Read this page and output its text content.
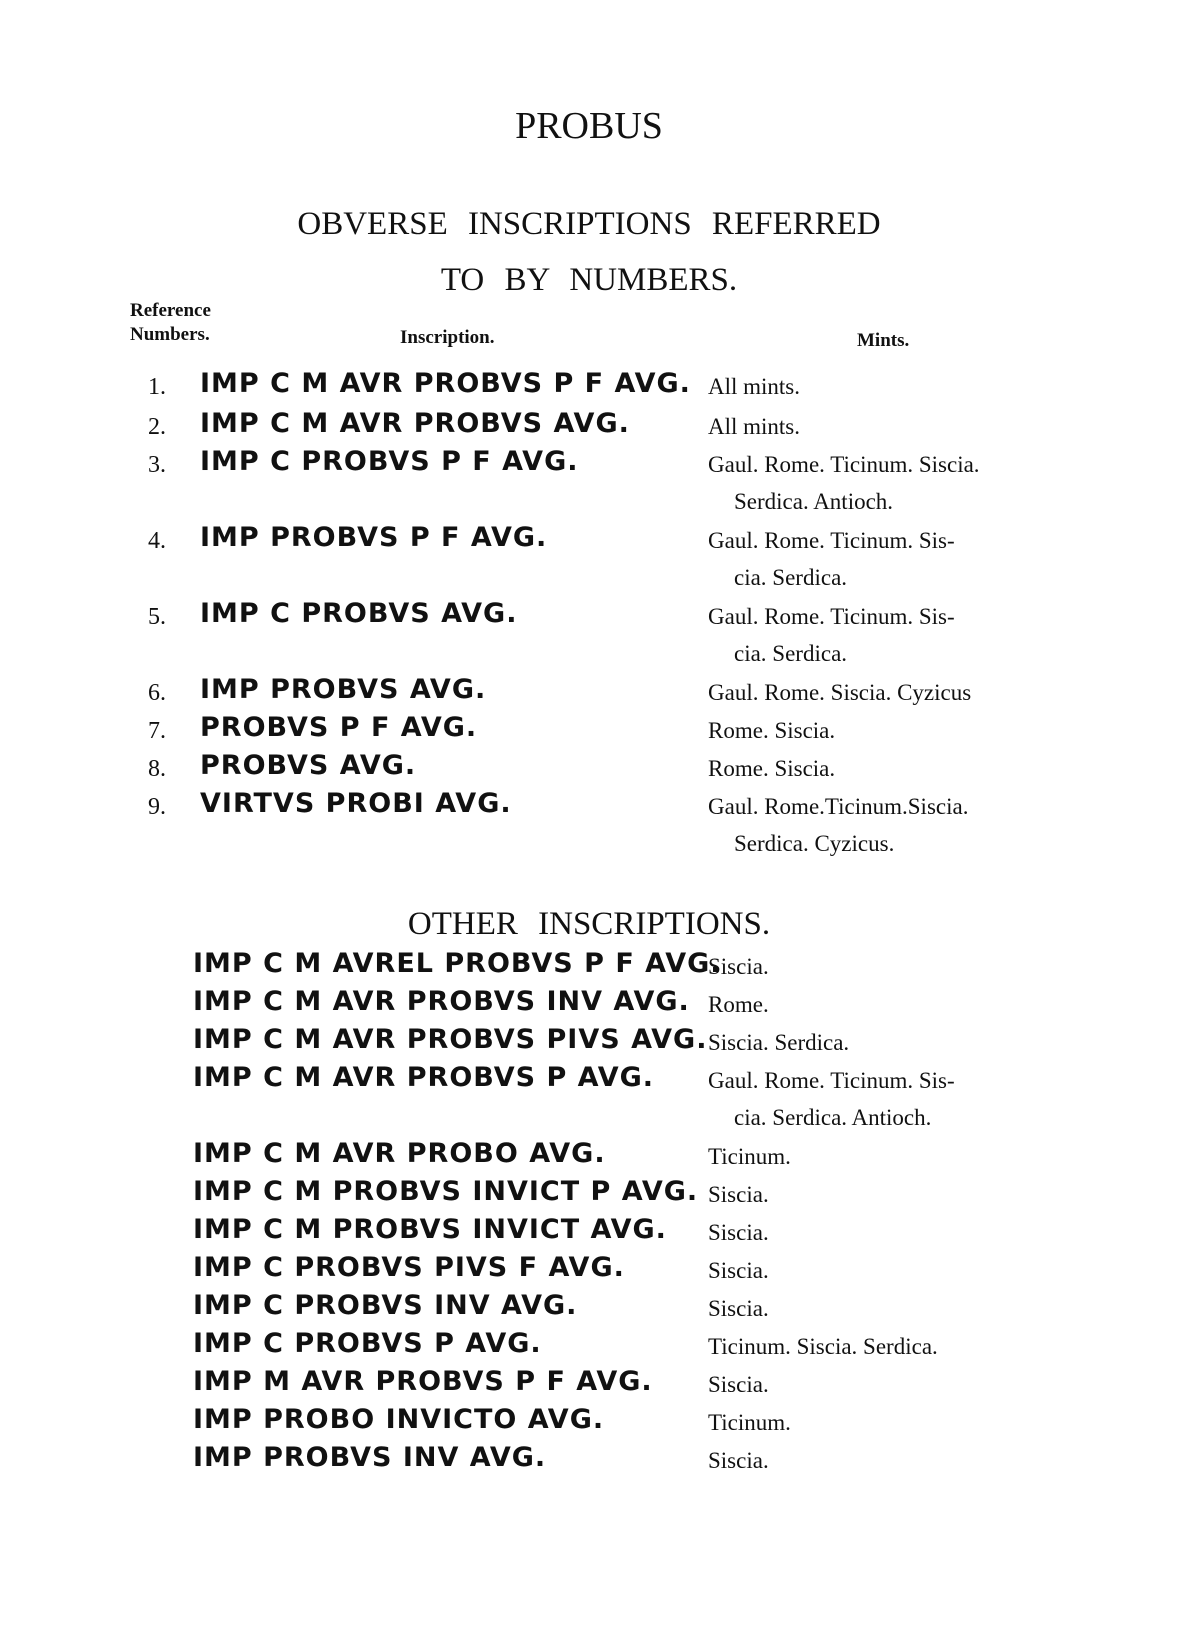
PROBUS
OBVERSE INSCRIPTIONS REFERRED
TO BY NUMBERS.
Reference
Numbers.	Inscription.	Mints.
1. IMP C M AVR PROBVS P F AVG. All mints.
2. IMP C M AVR PROBVS AVG.	All mints.
3. IMP C PROBVS P F AVG.	Gaul. Rome. Ticinum. Siscia.
Serdica. Antioch.
4. IMP PROBVS P F AVG.	Gaul. Rome. Ticinum. Sis-
cia. Serdica.
5. IMP C PROBVS AVG.	Gaul. Rome. Ticinum. Sis-
cia. Serdica.
6. IMP PROBVS AVG.	Gaul. Rome. Siscia. Cyzicus
7. PROBVS P F AVG.	Rome. Siscia.
8. PROBVS AVG.	Rome. Siscia.
9. VIRTVS PROBI AVG.	Gaul. Rome.Ticinum.Siscia.
Serdica. Cyzicus.
OTHER INSCRIPTIONS.
IMP C M AVREL PROBVS P F AVG.
Siscia.
IMP C M AVR PROBVS INV AVG. Rome.
IMP C M AVR PROBVS PIVS AVG. Siscia. Serdica.
IMP C M AVR PROBVS P AVG. Gaul. Rome. Ticinum. Sis-
cia. Serdica. Antioch.
IMP C M AVR PROBO AVG.	Ticinum.
IMP C M PROBVS INVICT P AVG. Siscia.
IMP C M PROBVS INVICT AVG. Siscia.
IMP C PROBVS PIVS F AVG.	Siscia.
IMP C PROBVS INV AVG.	Siscia.
IMP C PROBVS P AVG.	Ticinum. Siscia. Serdica.
IMP M AVR PROBVS P F AVG. Siscia.
IMP PROBO INVICTO AVG.	Ticinum.
IMP PROBVS INV AVG.	Siscia.
